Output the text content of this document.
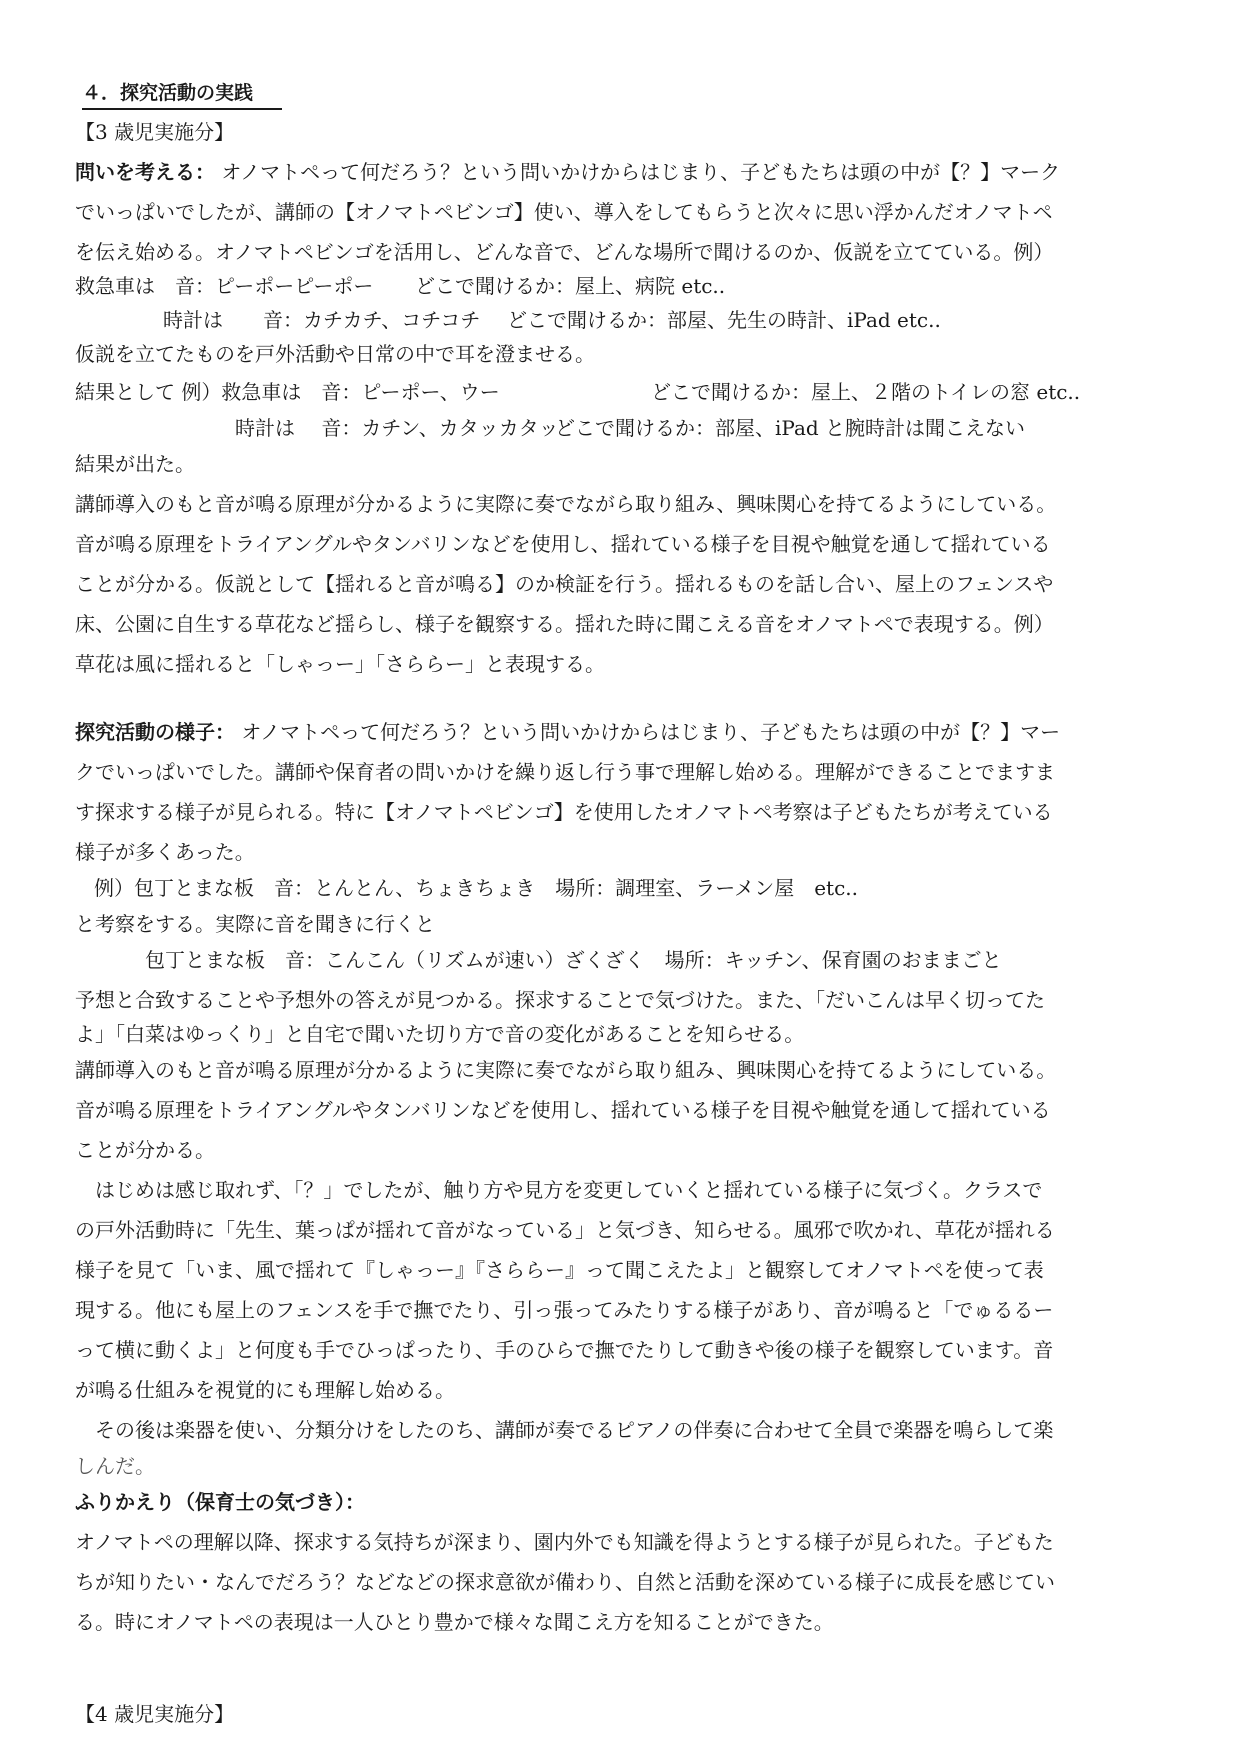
４．探究活動の実践
【3 歳児実施分】
問いを考える： オノマトペって何だろう？という問いかけからはじまり、子どもたちは頭の中が【？】マーク
でいっぱいでしたが、講師の【オノマトペビンゴ】使い、導入をしてもらうと次々に思い浮かんだオノマトペ
を伝え始める。オノマトペビンゴを活用し、どんな音で、どんな場所で聞けるのか、仮説を立てている。例）
救急車は　音：ピーポーピーポー どこで聞けるか：屋上、病院 etc..
時計は　　音：カチカチ、コチコチ どこで聞けるか：部屋、先生の時計、iPad etc..
仮説を立てたものを戸外活動や日常の中で耳を澄ませる。
結果として 例）救急車は　音：ピーポー、ウー	どこで聞けるか：屋上、２階のトイレの窓 etc..
時計は　 音：カチン、カタッカタッ
どこで聞けるか：部屋、iPad と腕時計は聞こえない
結果が出た。
講師導入のもと音が鳴る原理が分かるように実際に奏でながら取り組み、興味関心を持てるようにしている。
音が鳴る原理をトライアングルやタンバリンなどを使用し、揺れている様子を目視や触覚を通して揺れている
ことが分かる。仮説として【揺れると音が鳴る】のか検証を行う。揺れるものを話し合い、屋上のフェンスや
床、公園に自生する草花など揺らし、様子を観察する。揺れた時に聞こえる音をオノマトペで表現する。例）
草花は風に揺れると「しゃっー」「さららー」と表現する。
探究活動の様子： オノマトペって何だろう？という問いかけからはじまり、子どもたちは頭の中が【？】マー
クでいっぱいでした。講師や保育者の問いかけを繰り返し行う事で理解し始める。理解ができることでますま
す探求する様子が見られる。特に【オノマトペビンゴ】を使用したオノマトペ考察は子どもたちが考えている
様子が多くあった。
例）包丁とまな板　音：とんとん、ちょきちょき　場所：調理室、ラーメン屋　etc..
と考察をする。実際に音を聞きに行くと
包丁とまな板　音：こんこん（リズムが速い）ざくざく　場所：キッチン、保育園のおままごと
予想と合致することや予想外の答えが見つかる。探求することで気づけた。また、「だいこんは早く切ってた
よ」「白菜はゆっくり」と自宅で聞いた切り方で音の変化があることを知らせる。
講師導入のもと音が鳴る原理が分かるように実際に奏でながら取り組み、興味関心を持てるようにしている。
音が鳴る原理をトライアングルやタンバリンなどを使用し、揺れている様子を目視や触覚を通して揺れている
ことが分かる。
はじめは感じ取れず、「？」でしたが、触り方や見方を変更していくと揺れている様子に気づく。クラスで
の戸外活動時に「先生、葉っぱが揺れて音がなっている」と気づき、知らせる。風邪で吹かれ、草花が揺れる
様子を見て「いま、風で揺れて『しゃっー』『さららー』って聞こえたよ」と観察してオノマトペを使って表
現する。他にも屋上のフェンスを手で撫でたり、引っ張ってみたりする様子があり、音が鳴ると「でゅるるー
って横に動くよ」と何度も手でひっぱったり、手のひらで撫でたりして動きや後の様子を観察しています。音
が鳴る仕組みを視覚的にも理解し始める。
その後は楽器を使い、分類分けをしたのち、講師が奏でるピアノの伴奏に合わせて全員で楽器を鳴らして楽
しんだ。
ふりかえり（保育士の気づき）：
オノマトペの理解以降、探求する気持ちが深まり、園内外でも知識を得ようとする様子が見られた。子どもた
ちが知りたい・なんでだろう？などなどの探求意欲が備わり、自然と活動を深めている様子に成長を感じてい
る。時にオノマトペの表現は一人ひとり豊かで様々な聞こえ方を知ることができた。
【4 歳児実施分】
